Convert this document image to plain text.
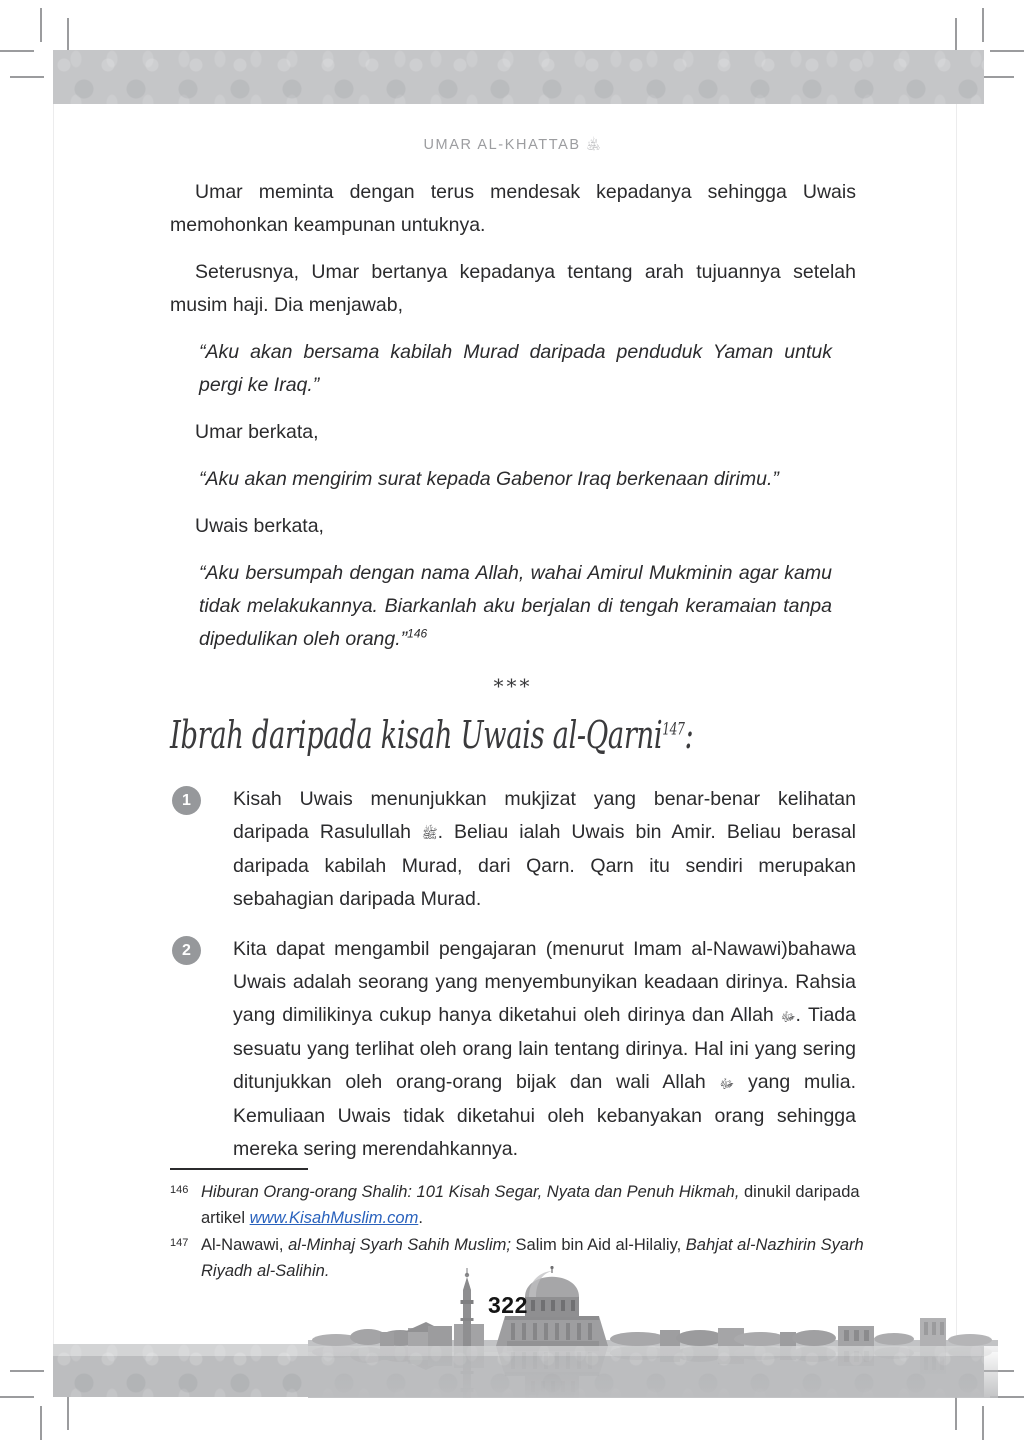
UMAR AL-KHATTAB ﵁

Umar meminta dengan terus mendesak kepadanya sehingga Uwais memohonkan keampunan untuknya.

Seterusnya, Umar bertanya kepadanya tentang arah tujuannya setelah musim haji. Dia menjawab,

“Aku akan bersama kabilah Murad daripada penduduk Yaman untuk pergi ke Iraq.”

Umar berkata,

“Aku akan mengirim surat kepada Gabenor Iraq berkenaan dirimu.”

Uwais berkata,

“Aku bersumpah dengan nama Allah, wahai Amirul Mukminin agar kamu tidak melakukannya. Biarkanlah aku berjalan di tengah keramaian tanpa dipedulikan oleh orang.”$^{146}$

***
Ibrah daripada kisah Uwais al-Qarni$^{147}$:
1	Kisah Uwais menunjukkan mukjizat yang benar-benar kelihatan daripada Rasulullah ﷺ. Beliau ialah Uwais bin Amir. Beliau berasal daripada kabilah Murad, dari Qarn. Qarn itu sendiri merupakan sebahagian daripada Murad.
2	Kita dapat mengambil pengajaran (menurut Imam al-Nawawi)bahawa Uwais adalah seorang yang menyembunyikan keadaan dirinya. Rahsia yang dimilikinya cukup hanya diketahui oleh dirinya dan Allah ﷻ. Tiada sesuatu yang terlihat oleh orang lain tentang dirinya. Hal ini yang sering ditunjukkan oleh orang-orang bijak dan wali Allah ﷻ yang mulia. Kemuliaan Uwais tidak diketahui oleh kebanyakan orang sehingga mereka sering merendahkannya.
146 Hiburan Orang-orang Shalih: 101 Kisah Segar, Nyata dan Penuh Hikmah, dinukil daripada artikel www.KisahMuslim.com.
147 Al-Nawawi, al-Minhaj Syarh Sahih Muslim; Salim bin Aid al-Hilaliy, Bahjat al-Nazhirin Syarh Riyadh al-Salihin.
322
